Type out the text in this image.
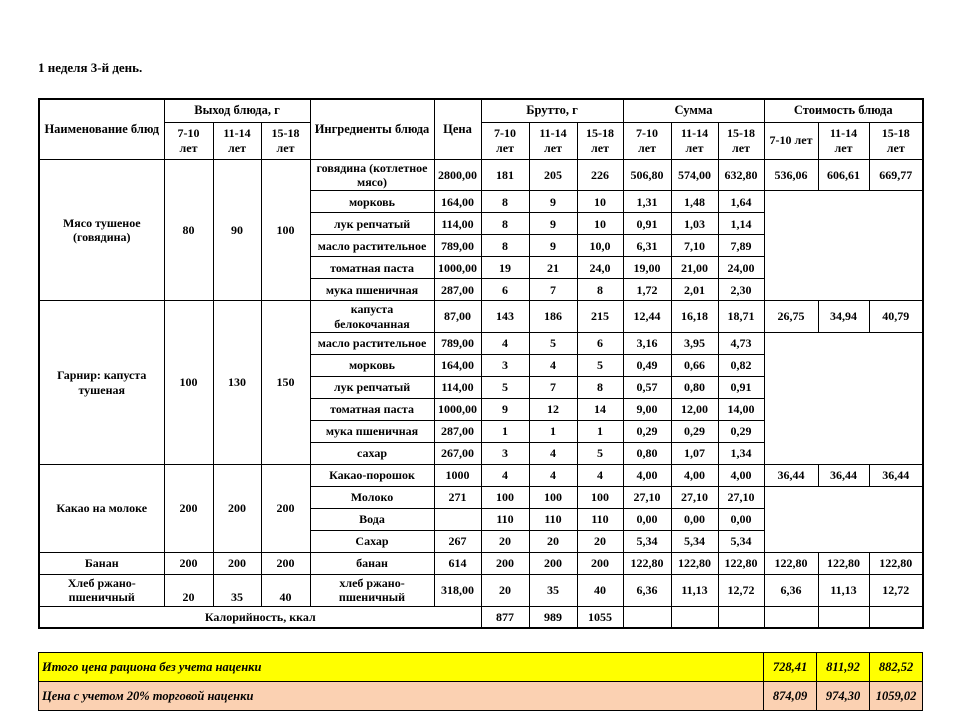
1 неделя 3-й день.
Наименование блюд	Выход блюда, г			Ингредиенты блюда	Цена	Брутто, г			Сумма			Стоимость блюда		
	7-10 лет	11-14 лет	15-18 лет			7-10 лет	11-14 лет	15-18 лет	7-10 лет	11-14 лет	15-18 лет	7-10 лет	11-14 лет	15-18 лет
Мясо тушеное (говядина)	80	90	100	говядина (котлетное мясо)	2800,00	181	205	226	506,80	574,00	632,80	536,06	606,61	669,77
				морковь	164,00	8	9	10	1,31	1,48	1,64			
				лук репчатый	114,00	8	9	10	0,91	1,03	1,14			
				масло растительное	789,00	8	9	10,0	6,31	7,10	7,89			
				томатная паста	1000,00	19	21	24,0	19,00	21,00	24,00			
				мука пшеничная	287,00	6	7	8	1,72	2,01	2,30			
Гарнир: капуста тушеная	100	130	150	капуста белокочанная	87,00	143	186	215	12,44	16,18	18,71	26,75	34,94	40,79
				масло растительное	789,00	4	5	6	3,16	3,95	4,73			
				морковь	164,00	3	4	5	0,49	0,66	0,82			
				лук репчатый	114,00	5	7	8	0,57	0,80	0,91			
				томатная паста	1000,00	9	12	14	9,00	12,00	14,00			
				мука пшеничная	287,00	1	1	1	0,29	0,29	0,29			
				сахар	267,00	3	4	5	0,80	1,07	1,34			
Какао на молоке	200	200	200	Какао-порошок	1000	4	4	4	4,00	4,00	4,00	36,44	36,44	36,44
				Молоко	271	100	100	100	27,10	27,10	27,10			
				Вода		110	110	110	0,00	0,00	0,00			
				Сахар	267	20	20	20	5,34	5,34	5,34			
Банан	200	200	200	банан	614	200	200	200	122,80	122,80	122,80	122,80	122,80	122,80
Хлеб ржано-пшеничный	20	35	40	хлеб ржано-пшеничный	318,00	20	35	40	6,36	11,13	12,72	6,36	11,13	12,72
Калорийность, ккал						877	989	1055						
Итого цена рациона без учета наценки	728,41	811,92	882,52
Цена с учетом 20% торговой наценки	874,09	974,30	1059,02
